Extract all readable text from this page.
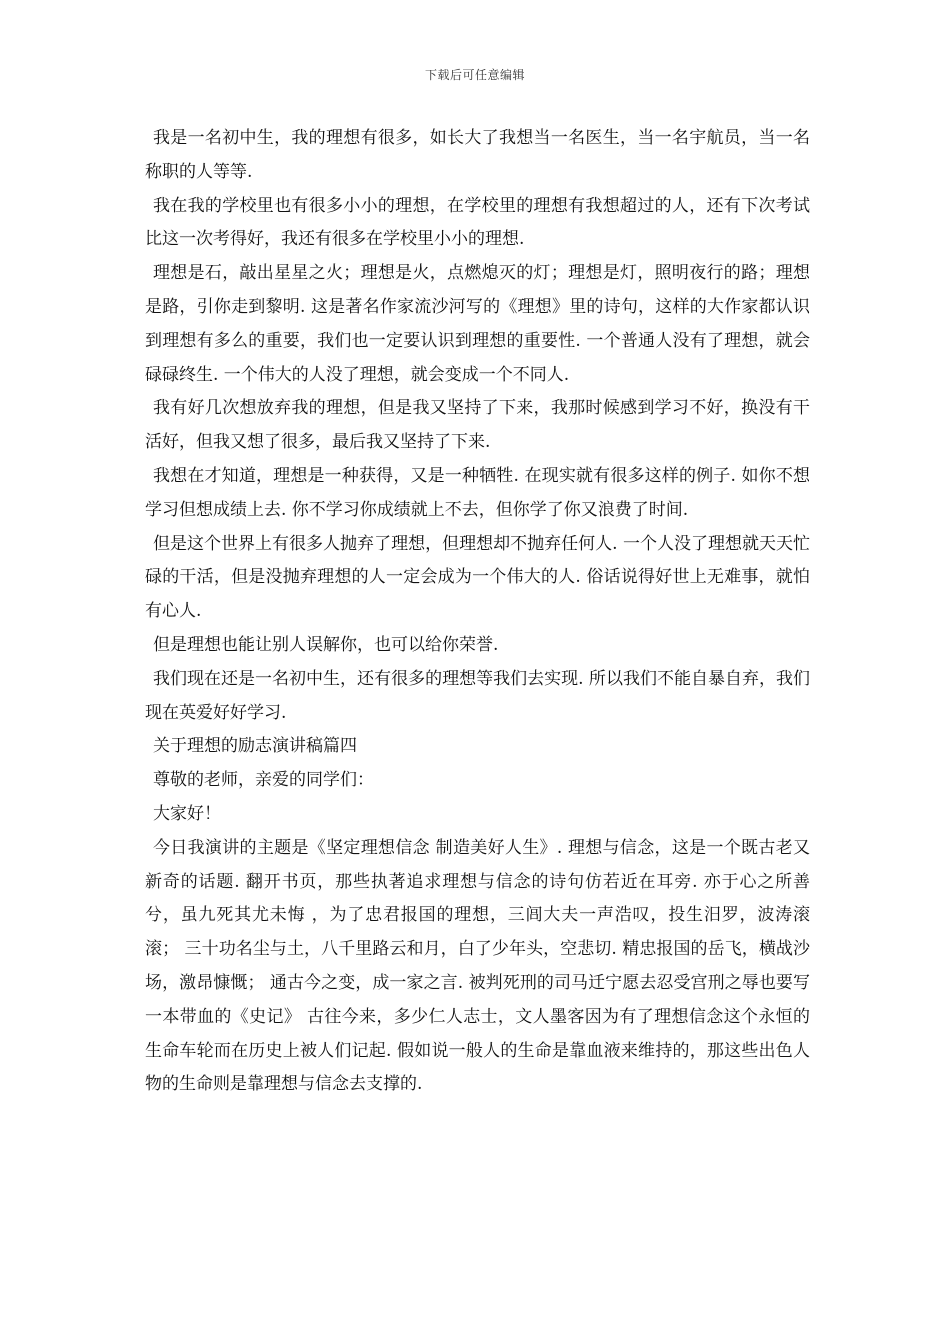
下载后可任意编辑

我是一名初中生，我的理想有很多，如长大了我想当一名医生，当一名宇航员，当一名称职的人等等.

我在我的学校里也有很多小小的理想，在学校里的理想有我想超过的人，还有下次考试比这一次考得好，我还有很多在学校里小小的理想.

理想是石，敲出星星之火；理想是火，点燃熄灭的灯；理想是灯，照明夜行的路；理想是路，引你走到黎明. 这是著名作家流沙河写的《理想》里的诗句，这样的大作家都认识到理想有多么的重要，我们也一定要认识到理想的重要性. 一个普通人没有了理想，就会碌碌终生. 一个伟大的人没了理想，就会变成一个不同人.

我有好几次想放弃我的理想，但是我又坚持了下来，我那时候感到学习不好，换没有干活好，但我又想了很多，最后我又坚持了下来.

我想在才知道，理想是一种获得，又是一种牺牲. 在现实就有很多这样的例子. 如你不想学习但想成绩上去. 你不学习你成绩就上不去，但你学了你又浪费了时间.

但是这个世界上有很多人抛弃了理想，但理想却不抛弃任何人. 一个人没了理想就天天忙碌的干活，但是没抛弃理想的人一定会成为一个伟大的人. 俗话说得好世上无难事，就怕有心人.

但是理想也能让别人误解你，也可以给你荣誉.

我们现在还是一名初中生，还有很多的理想等我们去实现. 所以我们不能自暴自弃，我们现在英爱好好学习.

关于理想的励志演讲稿篇四

尊敬的老师，亲爱的同学们：

大家好！

今日我演讲的主题是《坚定理想信念 制造美好人生》. 理想与信念，这是一个既古老又新奇的话题. 翻开书页，那些执著追求理想与信念的诗句仿若近在耳旁. 亦于心之所善兮，虽九死其尤未悔 ，为了忠君报国的理想，三闾大夫一声浩叹，投生汨罗，波涛滚滚； 三十功名尘与土，八千里路云和月，白了少年头，空悲切. 精忠报国的岳飞，横战沙场，激昂慷慨； 通古今之变，成一家之言. 被判死刑的司马迁宁愿去忍受宫刑之辱也要写一本带血的《史记》 古往今来，多少仁人志士，文人墨客因为有了理想信念这个永恒的生命车轮而在历史上被人们记起. 假如说一般人的生命是靠血液来维持的，那这些出色人物的生命则是靠理想与信念去支撑的.
